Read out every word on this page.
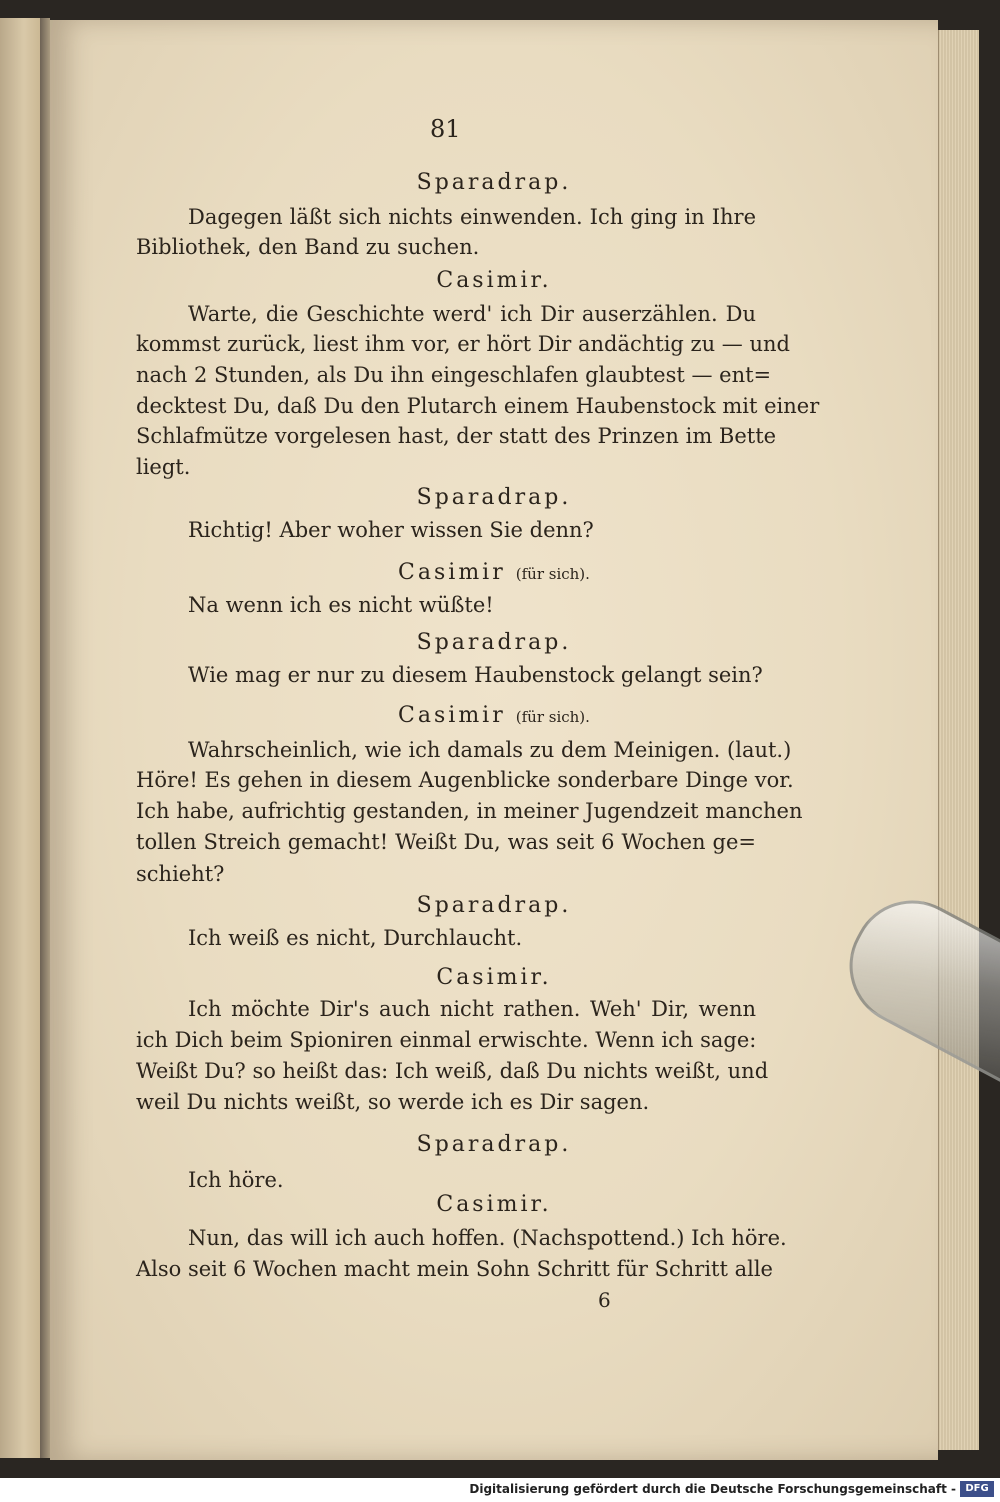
81
Sparadrap.
Dagegen läßt sich nichts einwenden. Ich ging in Ihre
Bibliothek, den Band zu suchen.
Casimir.
Warte, die Geschichte werd' ich Dir auserzählen. Du
kommst zurück, liest ihm vor, er hört Dir andächtig zu — und
nach 2 Stunden, als Du ihn eingeschlafen glaubtest — ent=
decktest Du, daß Du den Plutarch einem Haubenstock mit einer
Schlafmütze vorgelesen hast, der statt des Prinzen im Bette
liegt.
Sparadrap.
Richtig! Aber woher wissen Sie denn?
Casimir (für sich).
Na wenn ich es nicht wüßte!
Sparadrap.
Wie mag er nur zu diesem Haubenstock gelangt sein?
Casimir (für sich).
Wahrscheinlich, wie ich damals zu dem Meinigen. (laut.)
Höre! Es gehen in diesem Augenblicke sonderbare Dinge vor.
Ich habe, aufrichtig gestanden, in meiner Jugendzeit manchen
tollen Streich gemacht! Weißt Du, was seit 6 Wochen ge=
schieht?
Sparadrap.
Ich weiß es nicht, Durchlaucht.
Casimir.
Ich möchte Dir's auch nicht rathen. Weh' Dir, wenn
ich Dich beim Spioniren einmal erwischte. Wenn ich sage:
Weißt Du? so heißt das: Ich weiß, daß Du nichts weißt, und
weil Du nichts weißt, so werde ich es Dir sagen.
Sparadrap.
Ich höre.
Casimir.
Nun, das will ich auch hoffen. (Nachspottend.) Ich höre.
Also seit 6 Wochen macht mein Sohn Schritt für Schritt alle
6
Digitalisierung gefördert durch die Deutsche Forschungsgemeinschaft - DFG
